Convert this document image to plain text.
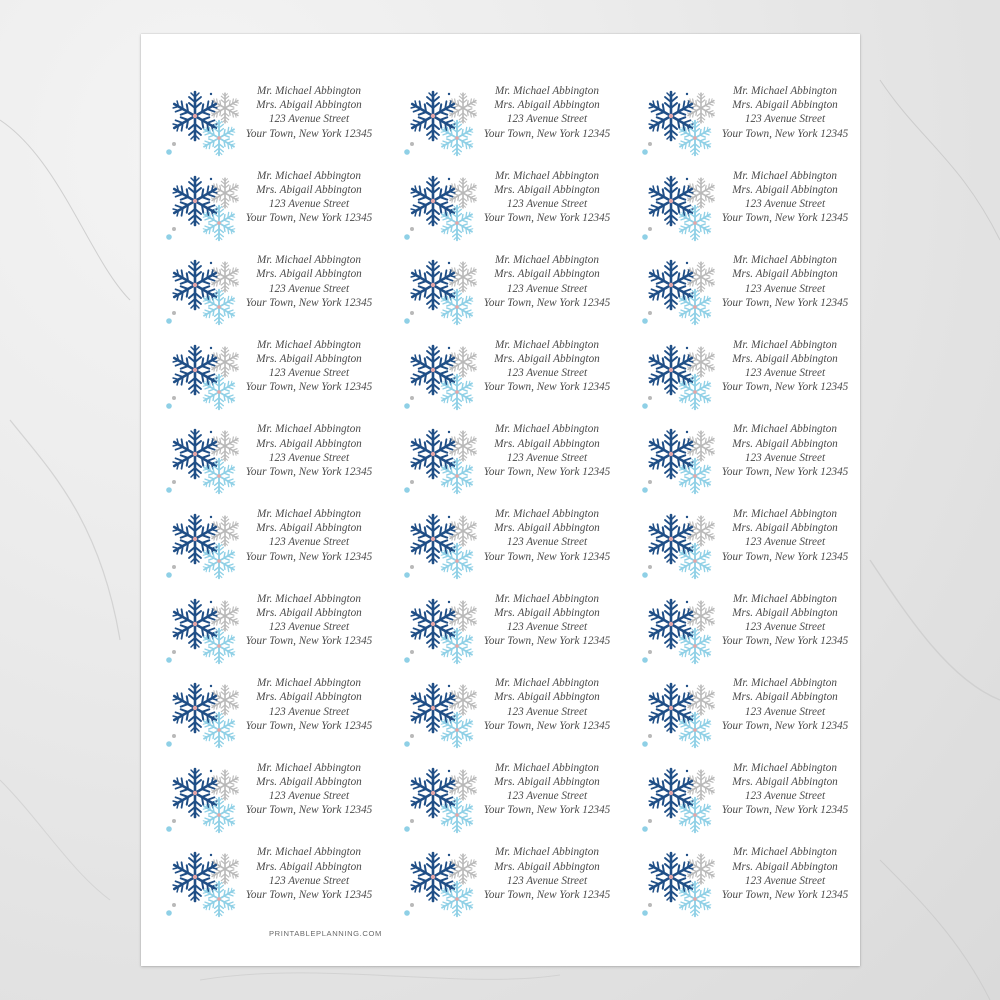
Mr. Michael Abbington
Mrs. Abigail Abbington
123 Avenue Street
Your Town, New York 12345
Mr. Michael Abbington
Mrs. Abigail Abbington
123 Avenue Street
Your Town, New York 12345
Mr. Michael Abbington
Mrs. Abigail Abbington
123 Avenue Street
Your Town, New York 12345
Mr. Michael Abbington
Mrs. Abigail Abbington
123 Avenue Street
Your Town, New York 12345
Mr. Michael Abbington
Mrs. Abigail Abbington
123 Avenue Street
Your Town, New York 12345
Mr. Michael Abbington
Mrs. Abigail Abbington
123 Avenue Street
Your Town, New York 12345
Mr. Michael Abbington
Mrs. Abigail Abbington
123 Avenue Street
Your Town, New York 12345
Mr. Michael Abbington
Mrs. Abigail Abbington
123 Avenue Street
Your Town, New York 12345
Mr. Michael Abbington
Mrs. Abigail Abbington
123 Avenue Street
Your Town, New York 12345
Mr. Michael Abbington
Mrs. Abigail Abbington
123 Avenue Street
Your Town, New York 12345
Mr. Michael Abbington
Mrs. Abigail Abbington
123 Avenue Street
Your Town, New York 12345
Mr. Michael Abbington
Mrs. Abigail Abbington
123 Avenue Street
Your Town, New York 12345
Mr. Michael Abbington
Mrs. Abigail Abbington
123 Avenue Street
Your Town, New York 12345
Mr. Michael Abbington
Mrs. Abigail Abbington
123 Avenue Street
Your Town, New York 12345
Mr. Michael Abbington
Mrs. Abigail Abbington
123 Avenue Street
Your Town, New York 12345
Mr. Michael Abbington
Mrs. Abigail Abbington
123 Avenue Street
Your Town, New York 12345
Mr. Michael Abbington
Mrs. Abigail Abbington
123 Avenue Street
Your Town, New York 12345
Mr. Michael Abbington
Mrs. Abigail Abbington
123 Avenue Street
Your Town, New York 12345
Mr. Michael Abbington
Mrs. Abigail Abbington
123 Avenue Street
Your Town, New York 12345
Mr. Michael Abbington
Mrs. Abigail Abbington
123 Avenue Street
Your Town, New York 12345
Mr. Michael Abbington
Mrs. Abigail Abbington
123 Avenue Street
Your Town, New York 12345
Mr. Michael Abbington
Mrs. Abigail Abbington
123 Avenue Street
Your Town, New York 12345
Mr. Michael Abbington
Mrs. Abigail Abbington
123 Avenue Street
Your Town, New York 12345
Mr. Michael Abbington
Mrs. Abigail Abbington
123 Avenue Street
Your Town, New York 12345
Mr. Michael Abbington
Mrs. Abigail Abbington
123 Avenue Street
Your Town, New York 12345
Mr. Michael Abbington
Mrs. Abigail Abbington
123 Avenue Street
Your Town, New York 12345
Mr. Michael Abbington
Mrs. Abigail Abbington
123 Avenue Street
Your Town, New York 12345
Mr. Michael Abbington
Mrs. Abigail Abbington
123 Avenue Street
Your Town, New York 12345
Mr. Michael Abbington
Mrs. Abigail Abbington
123 Avenue Street
Your Town, New York 12345
Mr. Michael Abbington
Mrs. Abigail Abbington
123 Avenue Street
Your Town, New York 12345
PRINTABLEPLANNING.COM
